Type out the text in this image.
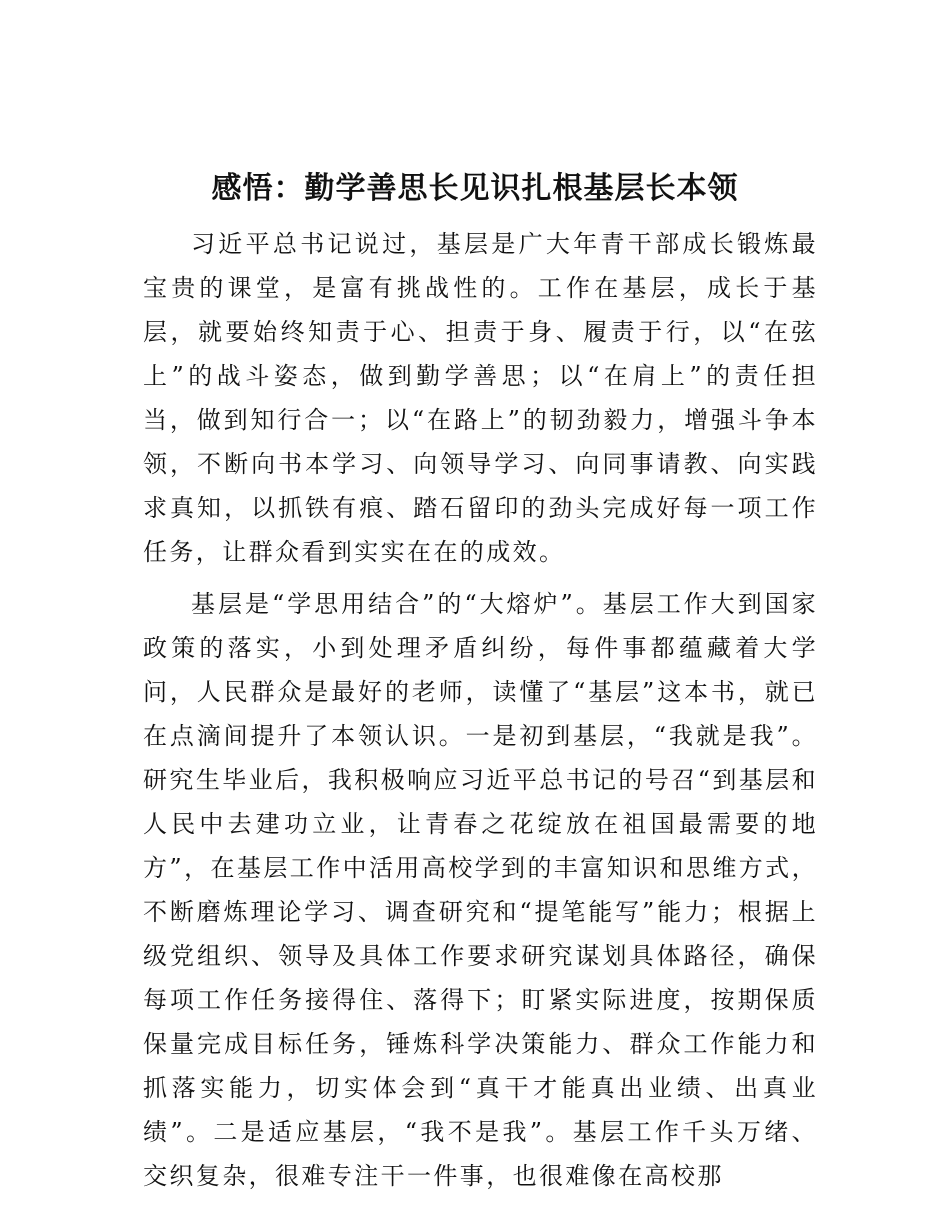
感悟：勤学善思长见识扎根基层长本领

习近平总书记说过，基层是广大年青干部成长锻炼最宝贵的课堂，是富有挑战性的。工作在基层，成长于基层，就要始终知责于心、担责于身、履责于行，以“在弦上”的战斗姿态，做到勤学善思；以“在肩上”的责任担当，做到知行合一；以“在路上”的韧劲毅力，增强斗争本领，不断向书本学习、向领导学习、向同事请教、向实践求真知，以抓铁有痕、踏石留印的劲头完成好每一项工作任务，让群众看到实实在在的成效。

基层是“学思用结合”的“大熔炉”。基层工作大到国家政策的落实，小到处理矛盾纠纷，每件事都蕴藏着大学问，人民群众是最好的老师，读懂了“基层”这本书，就已在点滴间提升了本领认识。一是初到基层，“我就是我”。研究生毕业后，我积极响应习近平总书记的号召“到基层和人民中去建功立业，让青春之花绽放在祖国最需要的地方”，在基层工作中活用高校学到的丰富知识和思维方式，不断磨炼理论学习、调查研究和“提笔能写”能力；根据上级党组织、领导及具体工作要求研究谋划具体路径，确保每项工作任务接得住、落得下；盯紧实际进度，按期保质保量完成目标任务，锤炼科学决策能力、群众工作能力和抓落实能力，切实体会到“真干才能真出业绩、出真业绩”。二是适应基层，“我不是我”。基层工作千头万绪、交织复杂，很难专注干一件事，也很难像在高校那
